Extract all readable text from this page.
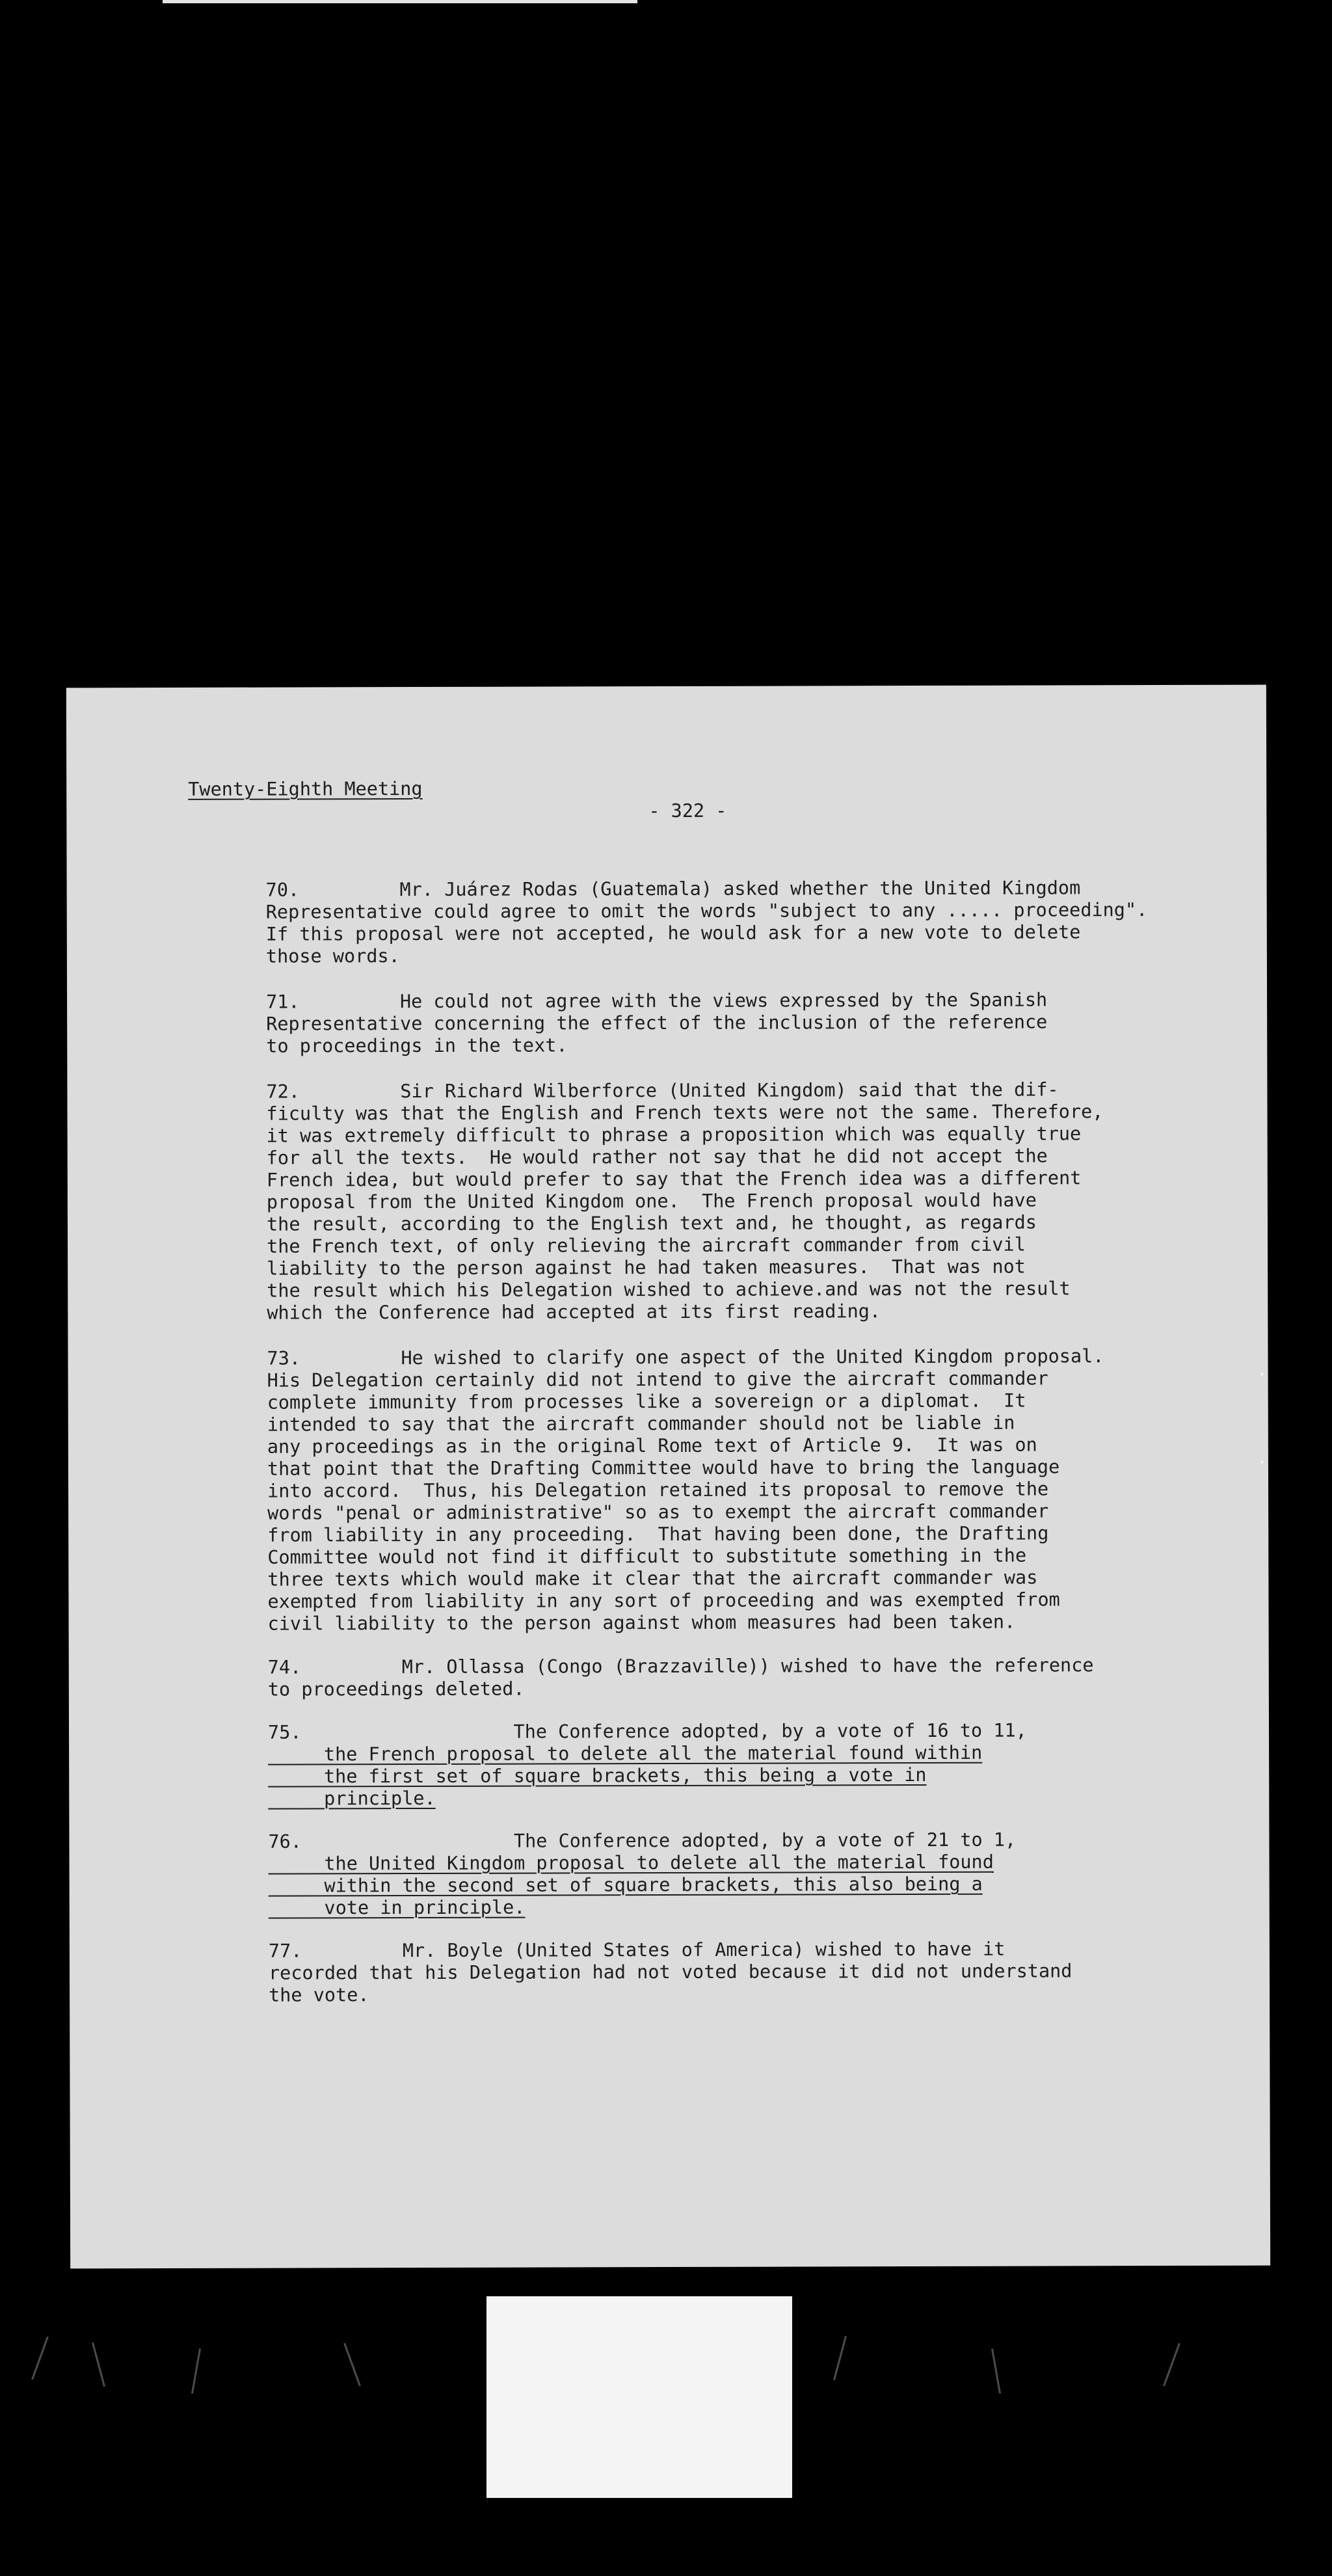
Twenty-Eighth Meeting
- 322 -
70.         Mr. Juárez Rodas (Guatemala) asked whether the United Kingdom
Representative could agree to omit the words "subject to any ..... proceeding".
If this proposal were not accepted, he would ask for a new vote to delete
those words.
71.         He could not agree with the views expressed by the Spanish
Representative concerning the effect of the inclusion of the reference
to proceedings in the text.
72.         Sir Richard Wilberforce (United Kingdom) said that the dif-
ficulty was that the English and French texts were not the same. Therefore,
it was extremely difficult to phrase a proposition which was equally true
for all the texts.  He would rather not say that he did not accept the
French idea, but would prefer to say that the French idea was a different
proposal from the United Kingdom one.  The French proposal would have
the result, according to the English text and, he thought, as regards
the French text, of only relieving the aircraft commander from civil
liability to the person against he had taken measures.  That was not
the result which his Delegation wished to achieve.and was not the result
which the Conference had accepted at its first reading.
73.         He wished to clarify one aspect of the United Kingdom proposal.
His Delegation certainly did not intend to give the aircraft commander
complete immunity from processes like a sovereign or a diplomat.  It
intended to say that the aircraft commander should not be liable in
any proceedings as in the original Rome text of Article 9.  It was on
that point that the Drafting Committee would have to bring the language
into accord.  Thus, his Delegation retained its proposal to remove the
words "penal or administrative" so as to exempt the aircraft commander
from liability in any proceeding.  That having been done, the Drafting
Committee would not find it difficult to substitute something in the
three texts which would make it clear that the aircraft commander was
exempted from liability in any sort of proceeding and was exempted from
civil liability to the person against whom measures had been taken.
74.         Mr. Ollassa (Congo (Brazzaville)) wished to have the reference
to proceedings deleted.
75.                   The Conference adopted, by a vote of 16 to 11,
the French proposal to delete all the material found within
the first set of square brackets, this being a vote in
principle.
76.                   The Conference adopted, by a vote of 21 to 1,
the United Kingdom proposal to delete all the material found
within the second set of square brackets, this also being a
vote in principle.
77.         Mr. Boyle (United States of America) wished to have it
recorded that his Delegation had not voted because it did not understand
the vote.
